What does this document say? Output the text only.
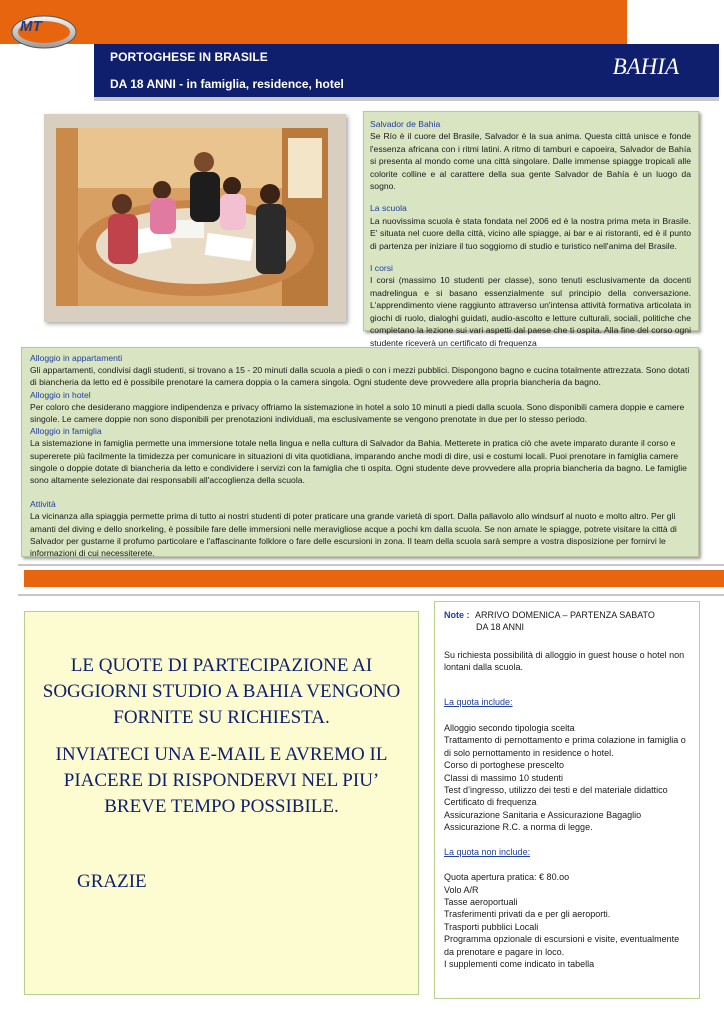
MT
PORTOGHESE IN BRASILE
DA 18 ANNI - in famiglia, residence, hotel
BAHIA

Salvador de Bahia
Se Río è il cuore del Brasile, Salvador è la sua anima. Questa città unisce e fonde l'essenza africana con i ritmi latini. A ritmo di tamburi e capoeira, Salvador de Bahía si presenta al mondo come una città singolare. Dalle immense spiagge tropicali alle colorite colline e al carattere della sua gente Salvador de Bahía è un luogo da sogno.

La scuola
La nuovissima scuola è stata fondata nel 2006 ed è la nostra prima meta in Brasile. E' situata nel cuore della città, vicino alle spiagge, ai bar e ai ristoranti, ed è il punto di partenza per iniziare il tuo soggiorno di studio e turistico nell'anima del Brasile.

I corsi
I corsi (massimo 10 studenti per classe), sono tenuti esclusivamente da docenti madrelingua e si basano essenzialmente sul principio della conversazione. L'apprendimento viene raggiunto attraverso un'intensa attività formativa articolata in giochi di ruolo, dialoghi guidati, audio-ascolto e letture culturali, sociali, politiche che completano la lezione sui vari aspetti dal paese che ti ospita. Alla fine del corso ogni studente riceverà un certificato di frequenza

Alloggio in appartamenti

Gli appartamenti, condivisi dagli studenti, si trovano a 15 - 20 minuti dalla scuola a piedi o con i mezzi pubblici. Dispongono bagno e cucina totalmente attrezzata. Sono dotati di biancheria da letto ed è possibile prenotare la camera doppia o la camera singola. Ogni studente deve provvedere alla propria biancheria da bagno.

Alloggio in hotel

Per coloro che desiderano maggiore indipendenza e privacy offriamo la sistemazione in hotel a solo 10 minuti a piedi dalla scuola. Sono disponibili camera doppie e camere singole. Le camere doppie non sono disponibili per prenotazioni individuali, ma esclusivamente se vengono prenotate in due per lo stesso periodo.

Alloggio in famiglia

La sistemazione in famiglia permette una immersione totale nella lingua e nella cultura di Salvador da Bahia. Metterete in pratica ciò che avete imparato durante il corso e supererete più facilmente la timidezza per comunicare in situazioni di vita quotidiana, imparando anche modi di dire, usi e costumi locali. Puoi prenotare in famiglia camere singole o doppie dotate di biancheria da letto e condividere i servizi con la famiglia che ti ospita. Ogni studente deve provvedere alla propria biancheria da bagno. Le famiglie sono altamente selezionate dai responsabili all'accoglienza della scuola.

Attività

La vicinanza alla spiaggia permette prima di tutto ai nostri studenti di poter praticare una grande varietà di sport. Dalla pallavolo allo windsurf al nuoto e molto altro. Per gli amanti del diving e dello snorkeling, è possibile fare delle immersioni nelle meravigliose acque a pochi km dalla scuola. Se non amate le spiagge, potrete visitare la città di Salvador per gustarne il profumo particolare e l'affascinante folklore o fare delle escursioni in zona. Il team della scuola sarà sempre a vostra disposizione per fornirvi le informazioni di cui necessiterete.

LE QUOTE DI PARTECIPAZIONE AI SOGGIORNI STUDIO A BAHIA VENGONO FORNITE SU RICHIESTA.
INVIATECI UNA E-MAIL E AVREMO IL PIACERE DI RISPONDERVI NEL PIU’ BREVE TEMPO POSSIBILE.
GRAZIE

Note : ARRIVO DOMENICA – PARTENZA SABATO

DA 18 ANNI

Su richiesta possibilità di alloggio in guest house o hotel non lontani dalla scuola.

La quota include:

Alloggio secondo tipologia scelta

Trattamento di pernottamento e prima colazione in famiglia o di solo pernottamento in residence o hotel.

Corso di portoghese prescelto

Classi di massimo 10 studenti

Test d’ingresso, utilizzo dei testi e del materiale didattico

Certificato di frequenza

Assicurazione Sanitaria e Assicurazione Bagaglio

Assicurazione R.C. a norma di legge.

La quota non include:

Quota apertura pratica: € 80.oo

Volo A/R

Tasse aeroportuali

Trasferimenti privati da e per gli aeroporti.

Trasporti pubblici Locali

Programma opzionale di escursioni e visite, eventualmente da prenotare e pagare in loco.

I supplementi come indicato in tabella
